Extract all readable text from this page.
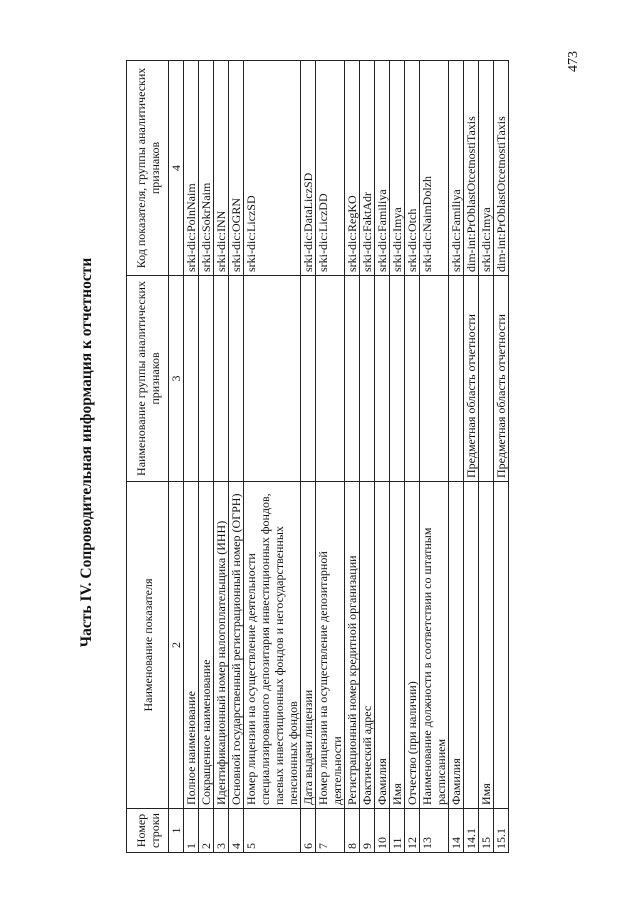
473
Часть IV. Сопроводительная информация к отчетности
Номер строки	Наименование показателя	Наименование группы аналитических признаков	Код показателя, группы аналитических признаков
1	2	3	4
1	Полное наименование		srki-dic:PolnNaim
2	Сокращенное наименование		srki-dic:SokrNaim
3	Идентификационный номер налогоплательщика (ИНН)		srki-dic:INN
4	Основной государственный регистрационный номер (ОГРН)		srki-dic:OGRN
5	Номер лицензии на осуществление деятельности специализированного депозитария инвестиционных фондов, паевых инвестиционных фондов и негосударственных пенсионных фондов		srki-dic:LiczSD
6	Дата выдачи лицензии		srki-dic:DataLiczSD
7	Номер лицензии на осуществление депозитарной деятельности		srki-dic:LiczDD
8	Регистрационный номер кредитной организации		srki-dic:RegKO
9	Фактический адрес		srki-dic:FaktAdr
10	Фамилия		srki-dic:Familiya
11	Имя		srki-dic:Imya
12	Отчество (при наличии)		srki-dic:Otch
13	Наименование должности в соответствии со штатным расписанием		srki-dic:NaimDolzh
14	Фамилия		srki-dic:Familiya
14.1		Предметная область отчетности	dim-int:PrOblastOtcetnostiTaxis
15	Имя		srki-dic:Imya
15.1		Предметная область отчетности	dim-int:PrOblastOtcetnostiTaxis
